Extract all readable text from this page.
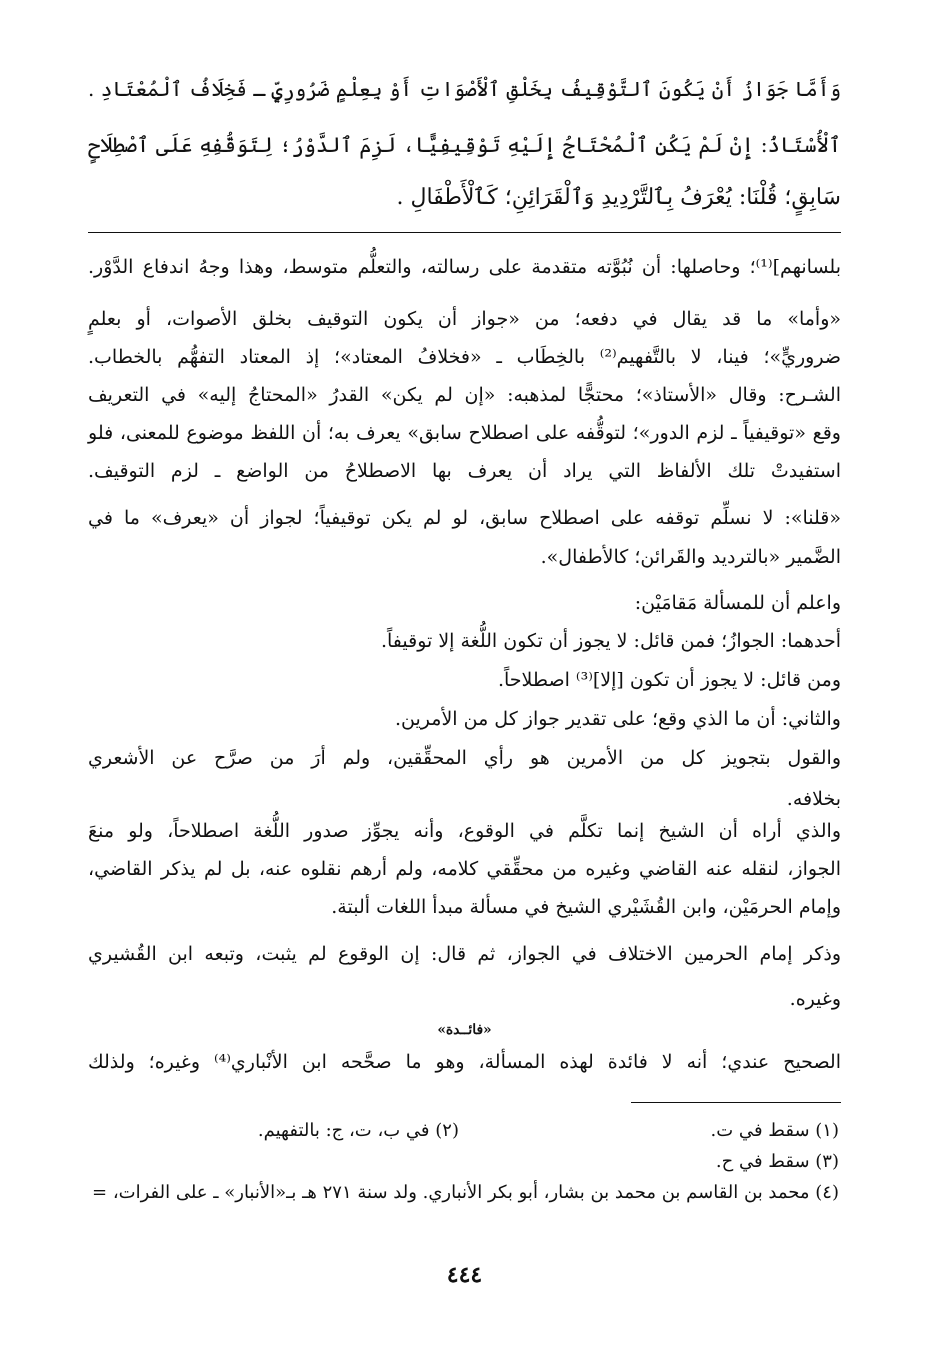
وَأَمَّا جَوَازُ أَنْ يَكُونَ ٱلتَّوْقِيفُ بِخَلْقِ ٱلْأَصْوَاتِ أَوْ بِعِلْمٍ ضَرُورِيٍّ ـ فَخِلَافُ ٱلْمُعْتَادِ .
ٱلْأُسْتَاذُ: إِنْ لَمْ يَكُنِ ٱلْمُحْتَاجُ إِلَيْهِ تَوْقِيفِيًّا، لَزِمَ ٱلدَّوْرُ؛ لِتَوَقُّفِهِ عَلَى ٱصْطِلَاحٍ
سَابِقٍ؛ قُلْنَا: يُعْرَفُ بِٱلتَّرْدِيدِ وَٱلْقَرَائِنِ؛ كَٱلْأَطْفَالِ .
بلسانهم]⁽¹⁾؛ وحاصلها: أن نُبُوَّته متقدمة على رسالته، والتعلُّم متوسط، وهذا وجهُ اندفاع الدَّوْر.
«وأما» ما قد يقال في دفعه؛ من «جواز أن يكون التوقيف بخلق الأصوات، أو بعلمٍ
ضروريٍّ»؛ فينا، لا بالتَّفهيم⁽²⁾ بالخِطَاب ـ «فخلافُ المعتاد»؛ إذ المعتاد التفهُّم بالخطاب.
الشـرح: وقال «الأستاذ»؛ محتجًّا لمذهبه: «إن لم يكن» القدرُ «المحتاجُ إليه» في التعريف
وقع «توقيفياً ـ لزم الدور»؛ لتوقُّفه على اصطلاح سابق» يعرف به؛ أن اللفظ موضوع للمعنى، فلو
استفيدتْ تلك الألفاظ التي يراد أن يعرف بها الاصطلاحُ من الواضع ـ لزم التوقيف.
«قلنا»: لا نسلِّم توقفه على اصطلاح سابق، لو لم يكن توقيفياً؛ لجواز أن «يعرف» ما في
الضَّمير «بالترديد والقَرائن؛ كالأطفال».
واعلم أن للمسألة مَقامَيْن:
أحدهما: الجوازُ؛ فمن قائل: لا يجوز أن تكون اللُّغة إلا توقيفاً.
ومن قائل: لا يجوز أن تكون [إلا]⁽³⁾ اصطلاحاً.
والثاني: أن ما الذي وقع؛ على تقدير جواز كل من الأمرين.
والقول بتجويز كل من الأمرين هو رأي المحقِّقين، ولم أرَ من صرَّح عن الأشعري
بخلافه.
والذي أراه أن الشيخ إنما تكلَّم في الوقوع، وأنه يجوِّز صدور اللُّغة اصطلاحاً، ولو منعَ
الجواز، لنقله عنه القاضي وغيره من محقِّقي كلامه، ولم أرهم نقلوه عنه، بل لم يذكر القاضي،
وإمام الحرمَيْن، وابن القُشَيْري الشيخ في مسألة مبدأ اللغات ألبتة.
وذكر إمام الحرمين الاختلاف في الجواز، ثم قال: إن الوقوع لم يثبت، وتبعه ابن القُشيري
وغيره.
«فائــدة»
الصحيح عندي؛ أنه لا فائدة لهذه المسألة، وهو ما صحَّحه ابن الأنْباري⁽⁴⁾ وغيره؛ ولذلك
(١) سقط في ت.
(٢) في ب، ت، ج: بالتفهيم.
(٣) سقط في ح.
(٤) محمد بن القاسم بن محمد بن بشار، أبو بكر الأنباري. ولد سنة ٢٧١ هـ بـ«الأنبار» ـ على الفرات، =
٤٤٤
